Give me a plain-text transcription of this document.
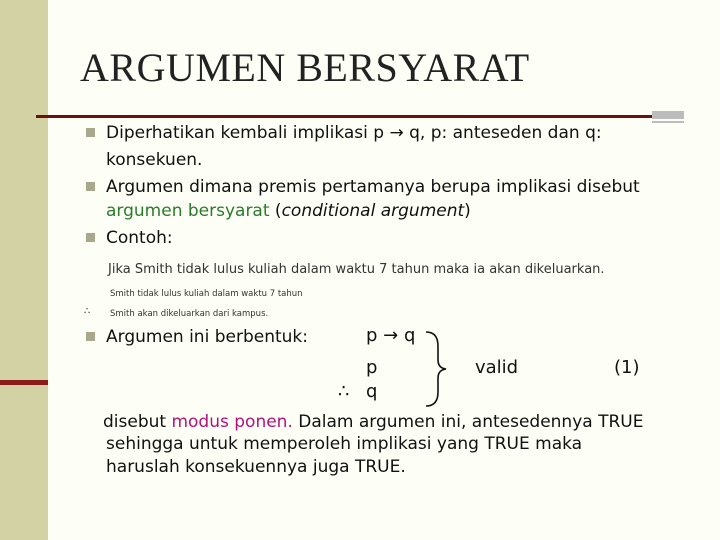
ARGUMEN BERSYARAT
Diperhatikan kembali implikasi p → q, p: anteseden dan q:
konsekuen.
Argumen dimana premis pertamanya berupa implikasi disebut
argumen bersyarat (conditional argument)
Contoh:
Jika Smith tidak lulus kuliah dalam waktu 7 tahun maka ia akan dikeluarkan.
Smith tidak lulus kuliah dalam waktu 7 tahun
∴ Smith akan dikeluarkan dari kampus.
Argumen ini berbentuk:	p → q
p
∴ q
valid	(1)
disebut modus ponen. Dalam argumen ini, antesedennya TRUE
sehingga untuk memperoleh implikasi yang TRUE maka
haruslah konsekuennya juga TRUE.
